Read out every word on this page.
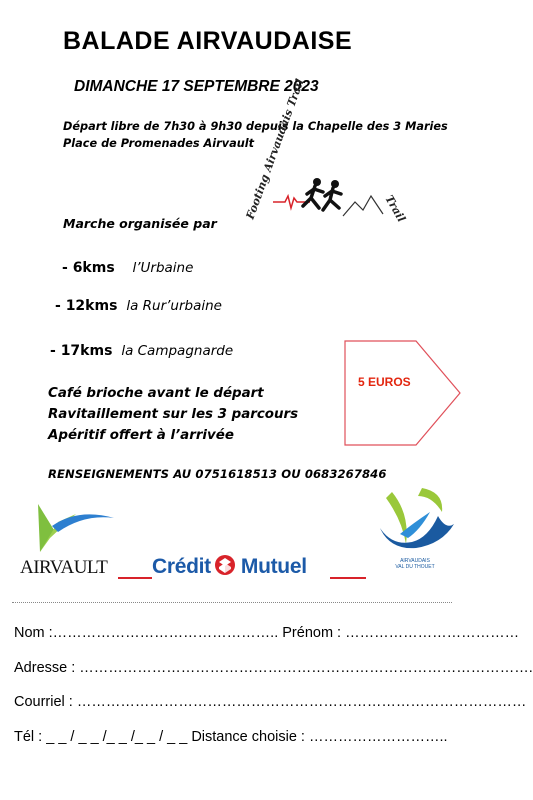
BALADE AIRVAUDAISE
DIMANCHE 17 SEPTEMBRE 2023
Départ libre de 7h30 à 9h30 depuis la Chapelle des 3 Maries
Place de Promenades Airvault
Footing Airvaudais Trail	Trail
Marche organisée par
- 6kms l’Urbaine
- 12kms la Rur’urbaine
- 17kms la Campagnarde
5 EUROS
Café brioche avant le départ
Ravitaillement sur les 3 parcours
Apéritif offert à l’arrivée
RENSEIGNEMENTS AU 0751618513 OU 0683267846
AIRVAULT Crédit Mutuel	AIRVAUDAIS
VAL DU THOUET
Nom :……………………………………….. Prénom : ………………………………
Adresse : ………………………………………………………………………………….
Courriel : …………………………………………………………………………………
Tél : _ _ / _ _ /_ _ /_ _ / _ _ Distance choisie : ………………………..
